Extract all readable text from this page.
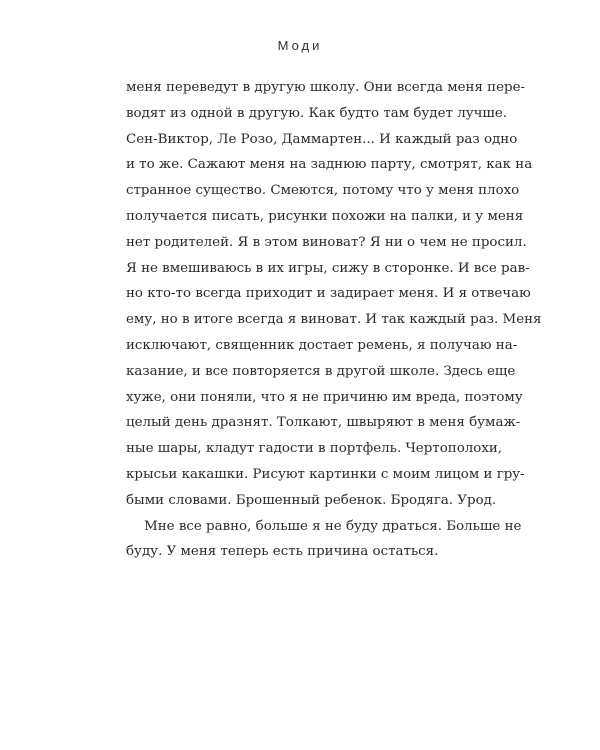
Моди
меня переведут в другую школу. Они всегда меня пере-
водят из одной в другую. Как будто там будет лучше.
Сен-Виктор, Ле Розо, Даммартен... И каждый раз одно
и то же. Сажают меня на заднюю парту, смотрят, как на
странное существо. Смеются, потому что у меня плохо
получается писать, рисунки похожи на палки, и у меня
нет родителей. Я в этом виноват? Я ни о чем не просил.
Я не вмешиваюсь в их игры, сижу в сторонке. И все рав-
но кто-то всегда приходит и задирает меня. И я отвечаю
ему, но в итоге всегда я виноват. И так каждый раз. Меня
исключают, священник достает ремень, я получаю на-
казание, и все повторяется в другой школе. Здесь еще
хуже, они поняли, что я не причиню им вреда, поэтому
целый день дразнят. Толкают, швыряют в меня бумаж-
ные шары, кладут гадости в портфель. Чертополохи,
крысьи какашки. Рисуют картинки с моим лицом и гру-
быми словами. Брошенный ребенок. Бродяга. Урод.
Мне все равно, больше я не буду драться. Больше не
буду. У меня теперь есть причина остаться.
